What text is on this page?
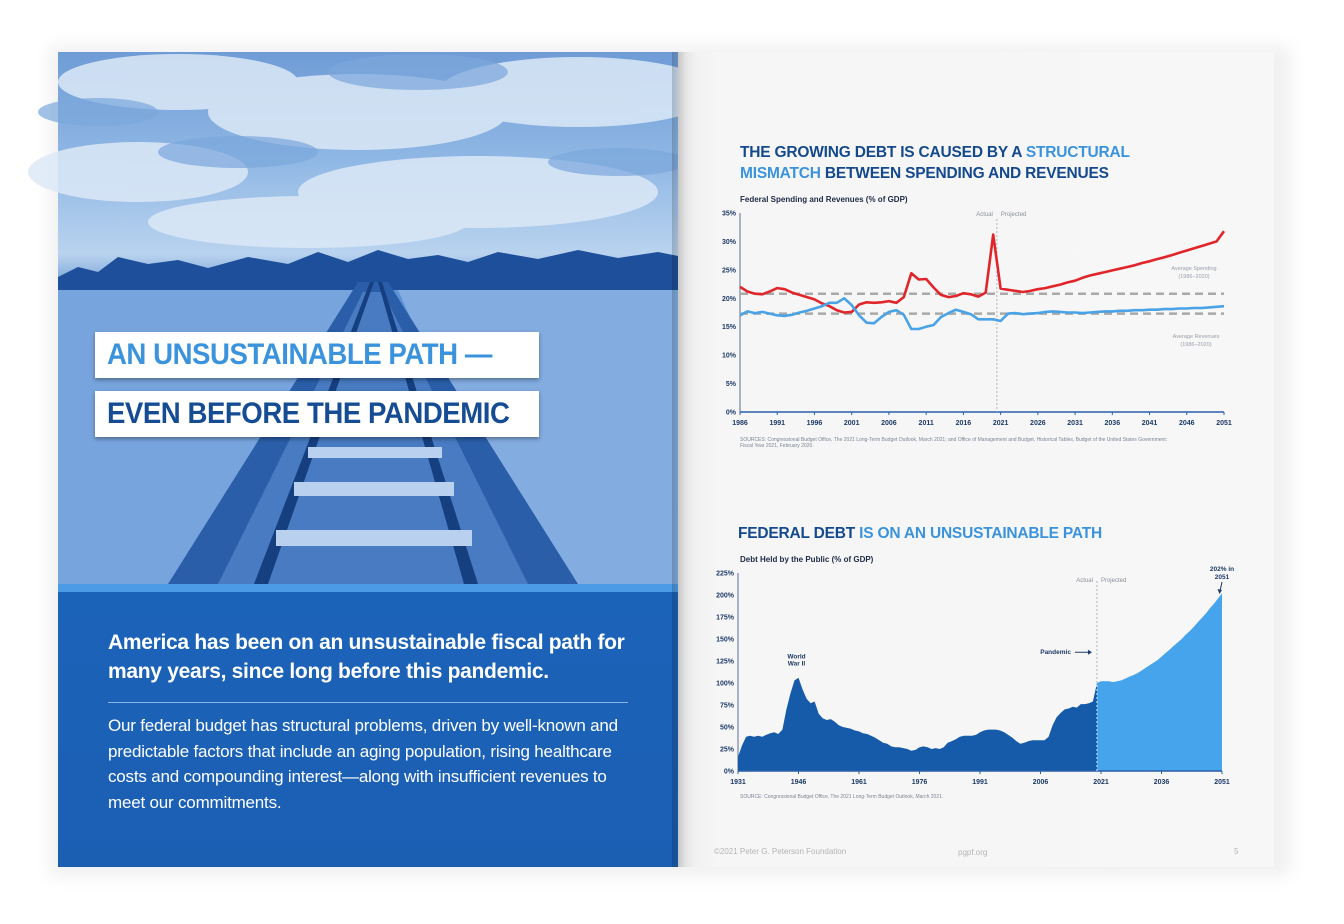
AN UNSUSTAINABLE PATH —
EVEN BEFORE THE PANDEMIC
America has been on an unsustainable fiscal path for many years, since long before this pandemic.
Our federal budget has structural problems, driven by well-known and predictable factors that include an aging population, rising healthcare costs and compounding interest—along with insufficient revenues to meet our commitments.
THE GROWING DEBT IS CAUSED BY A STRUCTURAL
MISMATCH BETWEEN SPENDING AND REVENUES
Federal Spending and Revenues (% of GDP)
0%
5%
10%
15%
20%
25%
30%
35%
1986	1991	1996	2001	2006	2011	2016	2021	2026	2031	2036	2041	2046	2051
Actual Projected
Average Spending
(1986–2020)
Average Revenues
(1986–2020)
SOURCES: Congressional Budget Office, The 2021 Long-Term Budget Outlook, March 2021; and Office of Management and Budget, Historical Tables, Budget of the United States Government: Fiscal Year 2021, February 2020.
FEDERAL DEBT IS ON AN UNSUSTAINABLE PATH
Debt Held by the Public (% of GDP)
0%
25%
50%
75%
100%
125%
150%
175%
200%
225%
1931	1946	1961	1976	1991	2006	2021	2036	2051
Actual Projected
World
War II
Pandemic
202% in
2051
SOURCE: Congressional Budget Office, The 2021 Long-Term Budget Outlook, March 2021.
©2021 Peter G. Peterson Foundation	pgpf.org	5
